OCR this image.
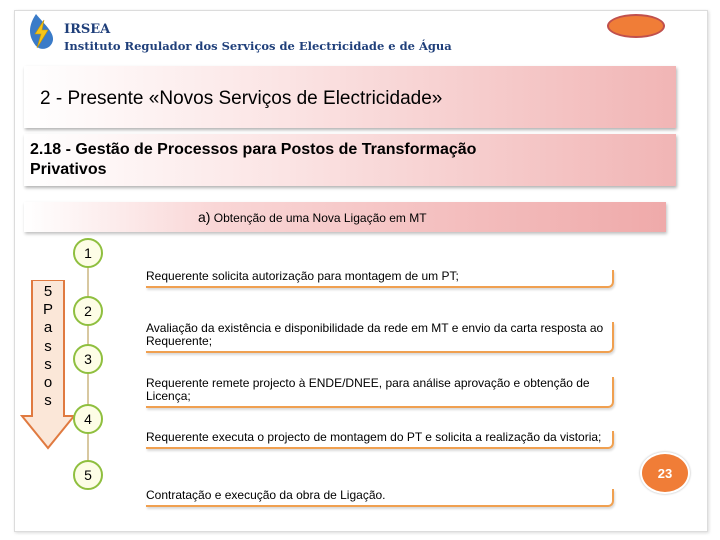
IRSEA
Instituto Regulador dos Serviços de Electricidade e de Água
2 - Presente «Novos Serviços de Electricidade»
2.18 - Gestão de Processos para Postos de Transformação
Privativos
a) Obtenção de uma Nova Ligação em MT
5
P
a
s
s
o
s
1
2
3
4
5
Requerente solicita autorização para montagem de um PT;
Avaliação da existência e disponibilidade da rede em MT e envio da carta resposta ao Requerente;
Requerente remete projecto à ENDE/DNEE, para análise aprovação e obtenção de Licença;
Requerente executa o projecto de montagem do PT e solicita a realização da vistoria;
Contratação e execução da obra de Ligação.
23
